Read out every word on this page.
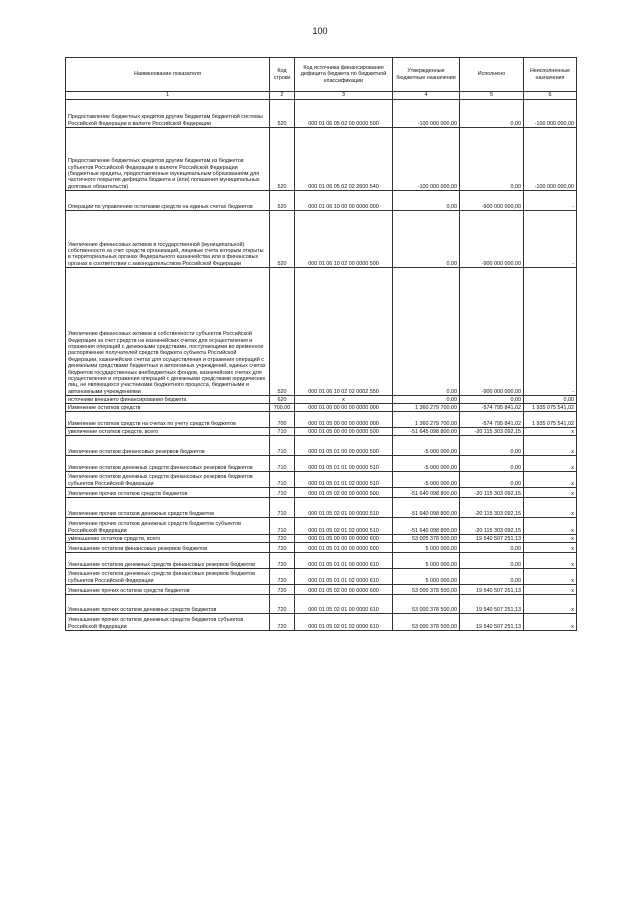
100
Наименование показателя	Код строки	Код источника финансирования дефицита бюджета по бюджетной классификации	Утвержденные бюджетные назначения	Исполнено	Неисполненные назначения
1	2	3	4	5	6
Предоставление бюджетных кредитов другим бюджетам бюджетной системы Российской Федерации в валюте Российской Федерации	520	000 01 06 05 02 00 0000 500	-100 000 000,00	0,00	-100 000 000,00
Предоставление бюджетных кредитов другим бюджетам из бюджетов субъектов Российской Федерации в валюте Российской Федерации (бюджетные кредиты, предоставленные муниципальным образованиям для частичного покрытия дефицита бюджета и (или) погашения муниципальных долговых обязательств)	520	000 01 06 05 02 02 2600 540	-100 000 000,00	0,00	-100 000 000,00
Операции по управлению остатками средств на единых счетах бюджетов	520	000 01 06 10 00 00 0000 000	0,00	-900 000 000,00	-
Увеличение финансовых активов в государственной (муниципальной) собственности за счет средств организаций, лицевые счета которым открыты в территориальных органах Федерального казначейства или в финансовых органах в соответствии с законодательством Российской Федерации	520	000 01 06 10 02 00 0000 500	0,00	-900 000 000,00	-
Увеличение финансовых активов в собственности субъектов Российской Федерации за счет средств на казначейских счетах для осуществления и отражения операций с денежными средствами, поступающими во временное распоряжение получателей средств бюджета субъекта Российской Федерации, казначейских счетах для осуществления и отражения операций с денежными средствами бюджетных и автономных учреждений, единых счетах бюджетов государственных внебюджетных фондов, казначейских счетах для осуществления и отражения операций с денежными средствами юридических лиц, не являющихся участниками бюджетного процесса, бюджетными и автономными учреждениями	520	000 01 06 10 02 02 0002 550	0,00	-900 000 000,00	-
источники внешнего финансирования бюджета	620	х	0,00	0,00	0,00
Изменение остатков средств	700,00	000 01 00 00 00 00 0000 000	1 360 279 700,00	-574 795 841,02	1 935 075 541,02
Изменение остатков средств на счетах по учету средств бюджетов	700	000 01 05 00 00 00 0000 000	1 360 279 700,00	-574 795 841,02	1 935 075 541,02
увеличение остатков средств, всего	710	000 01 05 00 00 00 0000 500	-51 645 098 800,00	-20 115 303 092,15	х
Увеличение остатков финансовых резервов бюджетов	710	000 01 05 01 00 00 0000 500	-5 000 000,00	0,00	х
Увеличение остатков денежных средств финансовых резервов бюджетов	710	000 01 05 01 01 00 0000 510	-5 000 000,00	0,00	х
Увеличение остатков денежных средств финансовых резервов бюджетов субъектов Российской Федерации	710	000 01 05 01 01 02 0000 510	-5 000 000,00	0,00	х
Увеличение прочих остатков средств бюджетов	710	000 01 05 02 00 00 0000 500	-51 640 098 800,00	-20 115 303 092,15	х
Увеличение прочих остатков денежных средств бюджетов	710	000 01 05 02 01 00 0000 510	-51 640 098 800,00	-20 115 303 092,15	х
Увеличение прочих остатков денежных средств бюджетов субъектов Российской Федерации	710	000 01 05 02 01 02 0000 510	-51 640 098 800,00	-20 115 303 092,15	х
уменьшение остатков средств, всего	720	000 01 05 00 00 00 0000 600	53 005 378 500,00	19 540 507 251,13	х
Уменьшение остатков финансовых резервов бюджетов	720	000 01 05 01 00 00 0000 600	5 000 000,00	0,00	х
Уменьшение остатков денежных средств финансовых резервов бюджетов	720	000 01 05 01 01 00 0000 610	5 000 000,00	0,00	х
Уменьшение остатков денежных средств финансовых резервов бюджетов субъектов Российской Федерации	720	000 01 05 01 01 02 0000 610	5 000 000,00	0,00	х
Уменьшение прочих остатков средств бюджетов	720	000 01 05 02 00 00 0000 600	53 000 378 500,00	19 540 507 251,13	х
Уменьшение прочих остатков денежных средств бюджетов	720	000 01 05 02 01 00 0000 610	53 000 378 500,00	19 540 507 251,13	х
Уменьшение прочих остатков денежных средств бюджетов субъектов Российской Федерации	720	000 01 05 02 01 02 0000 610	53 000 378 500,00	19 540 507 251,13	х
